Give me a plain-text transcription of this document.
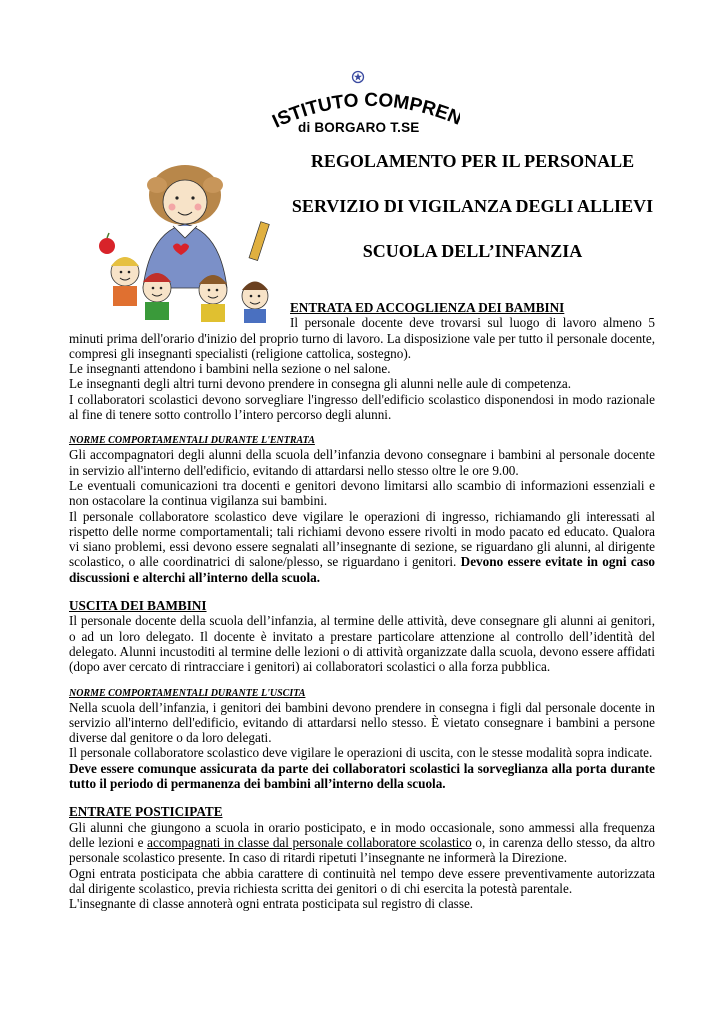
ISTITUTO COMPRE
di BORGARO T.SE
REGOLAMENTO PER IL PERSONALE
SERVIZIO DI VIGILANZA DEGLI ALLIEVI
SCUOLA DELL’INFANZIA

ENTRATA ED ACCOGLIENZA DEI BAMBINI

Il personale docente deve trovarsi sul luogo di lavoro almeno 5 minuti prima dell'orario d'inizio del proprio turno di lavoro. La disposizione vale per tutto il personale docente, compresi gli insegnanti specialisti (religione cattolica, sostegno).

Le insegnanti attendono i bambini nella sezione o nel salone.

Le insegnanti degli altri turni devono prendere in consegna gli alunni nelle aule di competenza.

I collaboratori scolastici devono sorvegliare l'ingresso dell'edificio scolastico disponendosi in modo razionale al fine di tenere sotto controllo l’intero percorso degli alunni.

NORME COMPORTAMENTALI DURANTE L'ENTRATA

Gli accompagnatori degli alunni della scuola dell’infanzia devono consegnare i bambini al personale docente in servizio all'interno dell'edificio, evitando di attardarsi nello stesso oltre le ore 9.00.

Le eventuali comunicazioni tra docenti e genitori devono limitarsi allo scambio di informazioni essenziali e non ostacolare la continua vigilanza sui bambini.

Il personale collaboratore scolastico deve vigilare le operazioni di ingresso, richiamando gli interessati al rispetto delle norme comportamentali; tali richiami devono essere rivolti in modo pacato ed educato. Qualora vi siano problemi, essi devono essere segnalati all’insegnante di sezione, se riguardano gli alunni, al dirigente scolastico, o alle coordinatrici di salone/plesso, se riguardano i genitori. Devono essere evitate in ogni caso discussioni e alterchi all’interno della scuola.

USCITA DEI BAMBINI

Il personale docente della scuola dell’infanzia, al termine delle attività, deve consegnare gli alunni ai genitori, o ad un loro delegato. Il docente è invitato a prestare particolare attenzione al controllo dell’identità del delegato. Alunni incustoditi al termine delle lezioni o di attività organizzate dalla scuola, devono essere affidati (dopo aver cercato di rintracciare i genitori) ai collaboratori scolastici o alla forza pubblica.

NORME COMPORTAMENTALI DURANTE L'USCITA

Nella scuola dell’infanzia, i genitori dei bambini devono prendere in consegna i figli dal personale docente in servizio all'interno dell'edificio, evitando di attardarsi nello stesso. È vietato consegnare i bambini a persone diverse dal genitore o da loro delegati.

Il personale collaboratore scolastico deve vigilare le operazioni di uscita, con le stesse modalità sopra indicate.

Deve essere comunque assicurata da parte dei collaboratori scolastici la sorveglianza alla porta durante tutto il periodo di permanenza dei bambini all’interno della scuola.

ENTRATE POSTICIPATE

Gli alunni che giungono a scuola in orario posticipato, e in modo occasionale, sono ammessi alla frequenza delle lezioni e accompagnati in classe dal personale collaboratore scolastico o, in carenza dello stesso, da altro personale scolastico presente. In caso di ritardi ripetuti l’insegnante ne informerà la Direzione.

Ogni entrata posticipata che abbia carattere di continuità nel tempo deve essere preventivamente autorizzata dal dirigente scolastico, previa richiesta scritta dei genitori o di chi esercita la potestà parentale.

L'insegnante di classe annoterà ogni entrata posticipata sul registro di classe.
